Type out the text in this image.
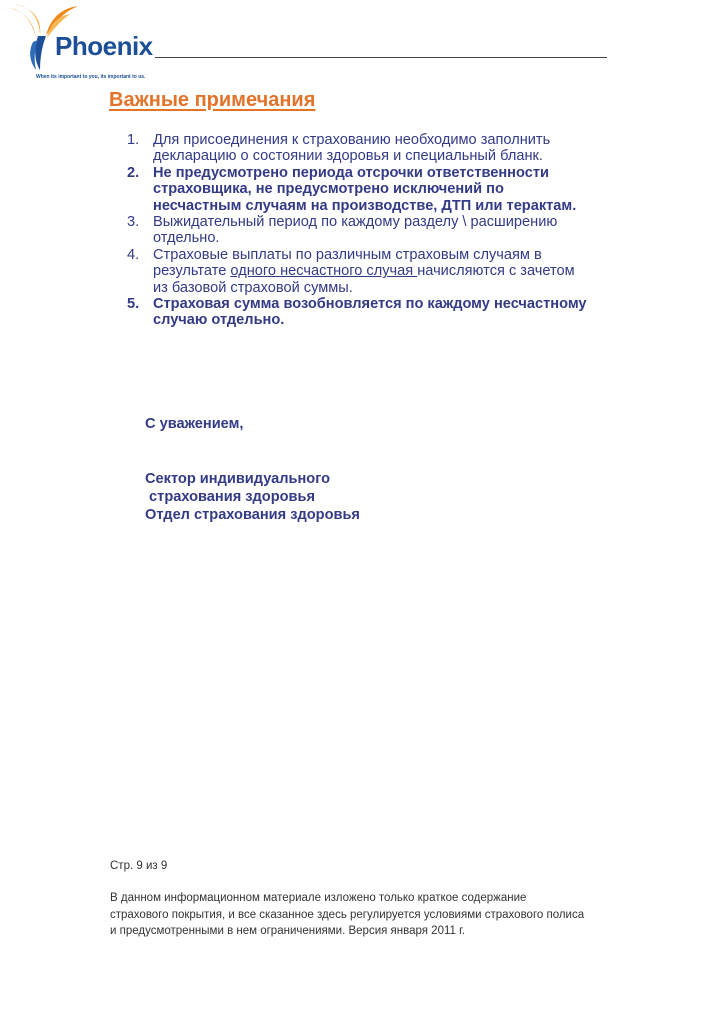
Phoenix
When its important to you, its important to us.
Важные примечания
1. Для присоединения к страхованию необходимо заполнить
декларацию о состоянии здоровья и специальный бланк.
2. Не предусмотрено периода отсрочки ответственности
страховщика, не предусмотрено исключений по
несчастным случаям на производстве, ДТП или терактам.
3. Выжидательный период по каждому разделу \ расширению
отдельно.
4. Страховые выплаты по различным страховым случаям в
результате одного несчастного случая начисляются с зачетом
из базовой страховой суммы.
5. Страховая сумма возобновляется по каждому несчастному
случаю отдельно.
С уважением,
Сектор индивидуального
страхования здоровья
Отдел страхования здоровья
Стр. 9 из 9
В данном информационном материале изложено только краткое содержание
страхового покрытия, и все сказанное здесь регулируется условиями страхового полиса
и предусмотренными в нем ограничениями. Версия января 2011 г.
